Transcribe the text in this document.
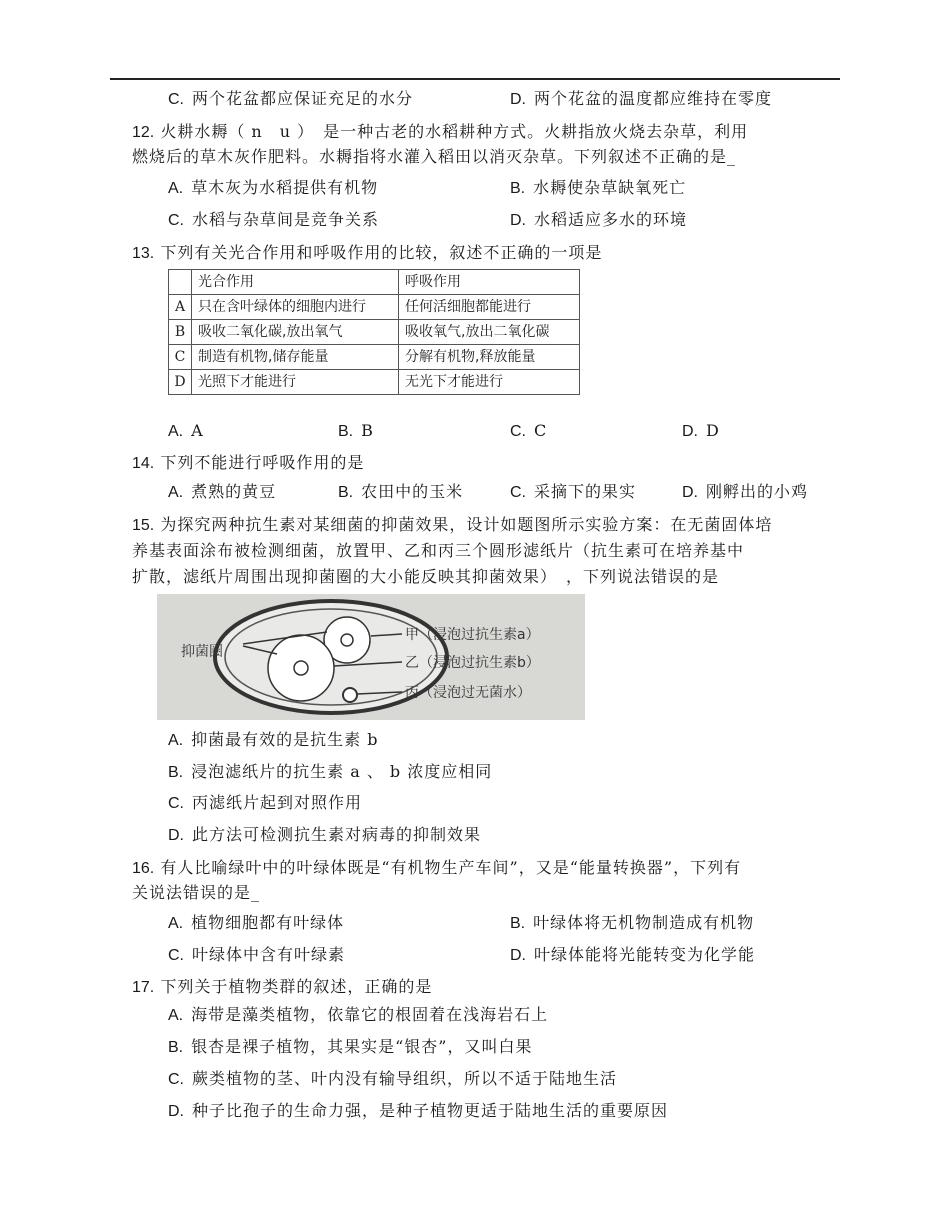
C. 两个花盆都应保证充足的水分	D. 两个花盆的温度都应维持在零度
12. 火耕水耨（ n　u ）　是一种古老的水稻耕种方式。火耕指放火烧去杂草，利用
燃烧后的草木灰作肥料。水耨指将水灌入稻田以消灭杂草。下列叙述不正确的是_
A. 草木灰为水稻提供有机物	B. 水耨使杂草缺氧死亡
C. 水稻与杂草间是竞争关系	D. 水稻适应多水的环境
13. 下列有关光合作用和呼吸作用的比较，叙述不正确的一项是
	光合作用	呼吸作用
A	只在含叶绿体的细胞内进行	任何活细胞都能进行
B	吸收二氧化碳,放出氧气	吸收氧气,放出二氧化碳
C	制造有机物,储存能量	分解有机物,释放能量
D	光照下才能进行	无光下才能进行
A. A	B. B	C. C	D. D
14. 下列不能进行呼吸作用的是
A. 煮熟的黄豆	B. 农田中的玉米	C. 采摘下的果实	D. 刚孵出的小鸡
15. 为探究两种抗生素对某细菌的抑菌效果，设计如题图所示实验方案：在无菌固体培
养基表面涂布被检测细菌，放置甲、乙和丙三个圆形滤纸片（抗生素可在培养基中
扩散，滤纸片周围出现抑菌圈的大小能反映其抑菌效果）　，下列说法错误的是
抑菌圈
甲（浸泡过抗生素a）
乙（浸泡过抗生素b）
丙（浸泡过无菌水）
A. 抑菌最有效的是抗生素 b
B. 浸泡滤纸片的抗生素 a 、 b 浓度应相同
C. 丙滤纸片起到对照作用
D. 此方法可检测抗生素对病毒的抑制效果
16. 有人比喻绿叶中的叶绿体既是“有机物生产车间”，又是“能量转换器”，下列有
关说法错误的是_
A. 植物细胞都有叶绿体	B. 叶绿体将无机物制造成有机物
C. 叶绿体中含有叶绿素	D. 叶绿体能将光能转变为化学能
17. 下列关于植物类群的叙述，正确的是
A. 海带是藻类植物，依靠它的根固着在浅海岩石上
B. 银杏是裸子植物，其果实是“银杏”，又叫白果
C. 蕨类植物的茎、叶内没有输导组织，所以不适于陆地生活
D. 种子比孢子的生命力强，是种子植物更适于陆地生活的重要原因
